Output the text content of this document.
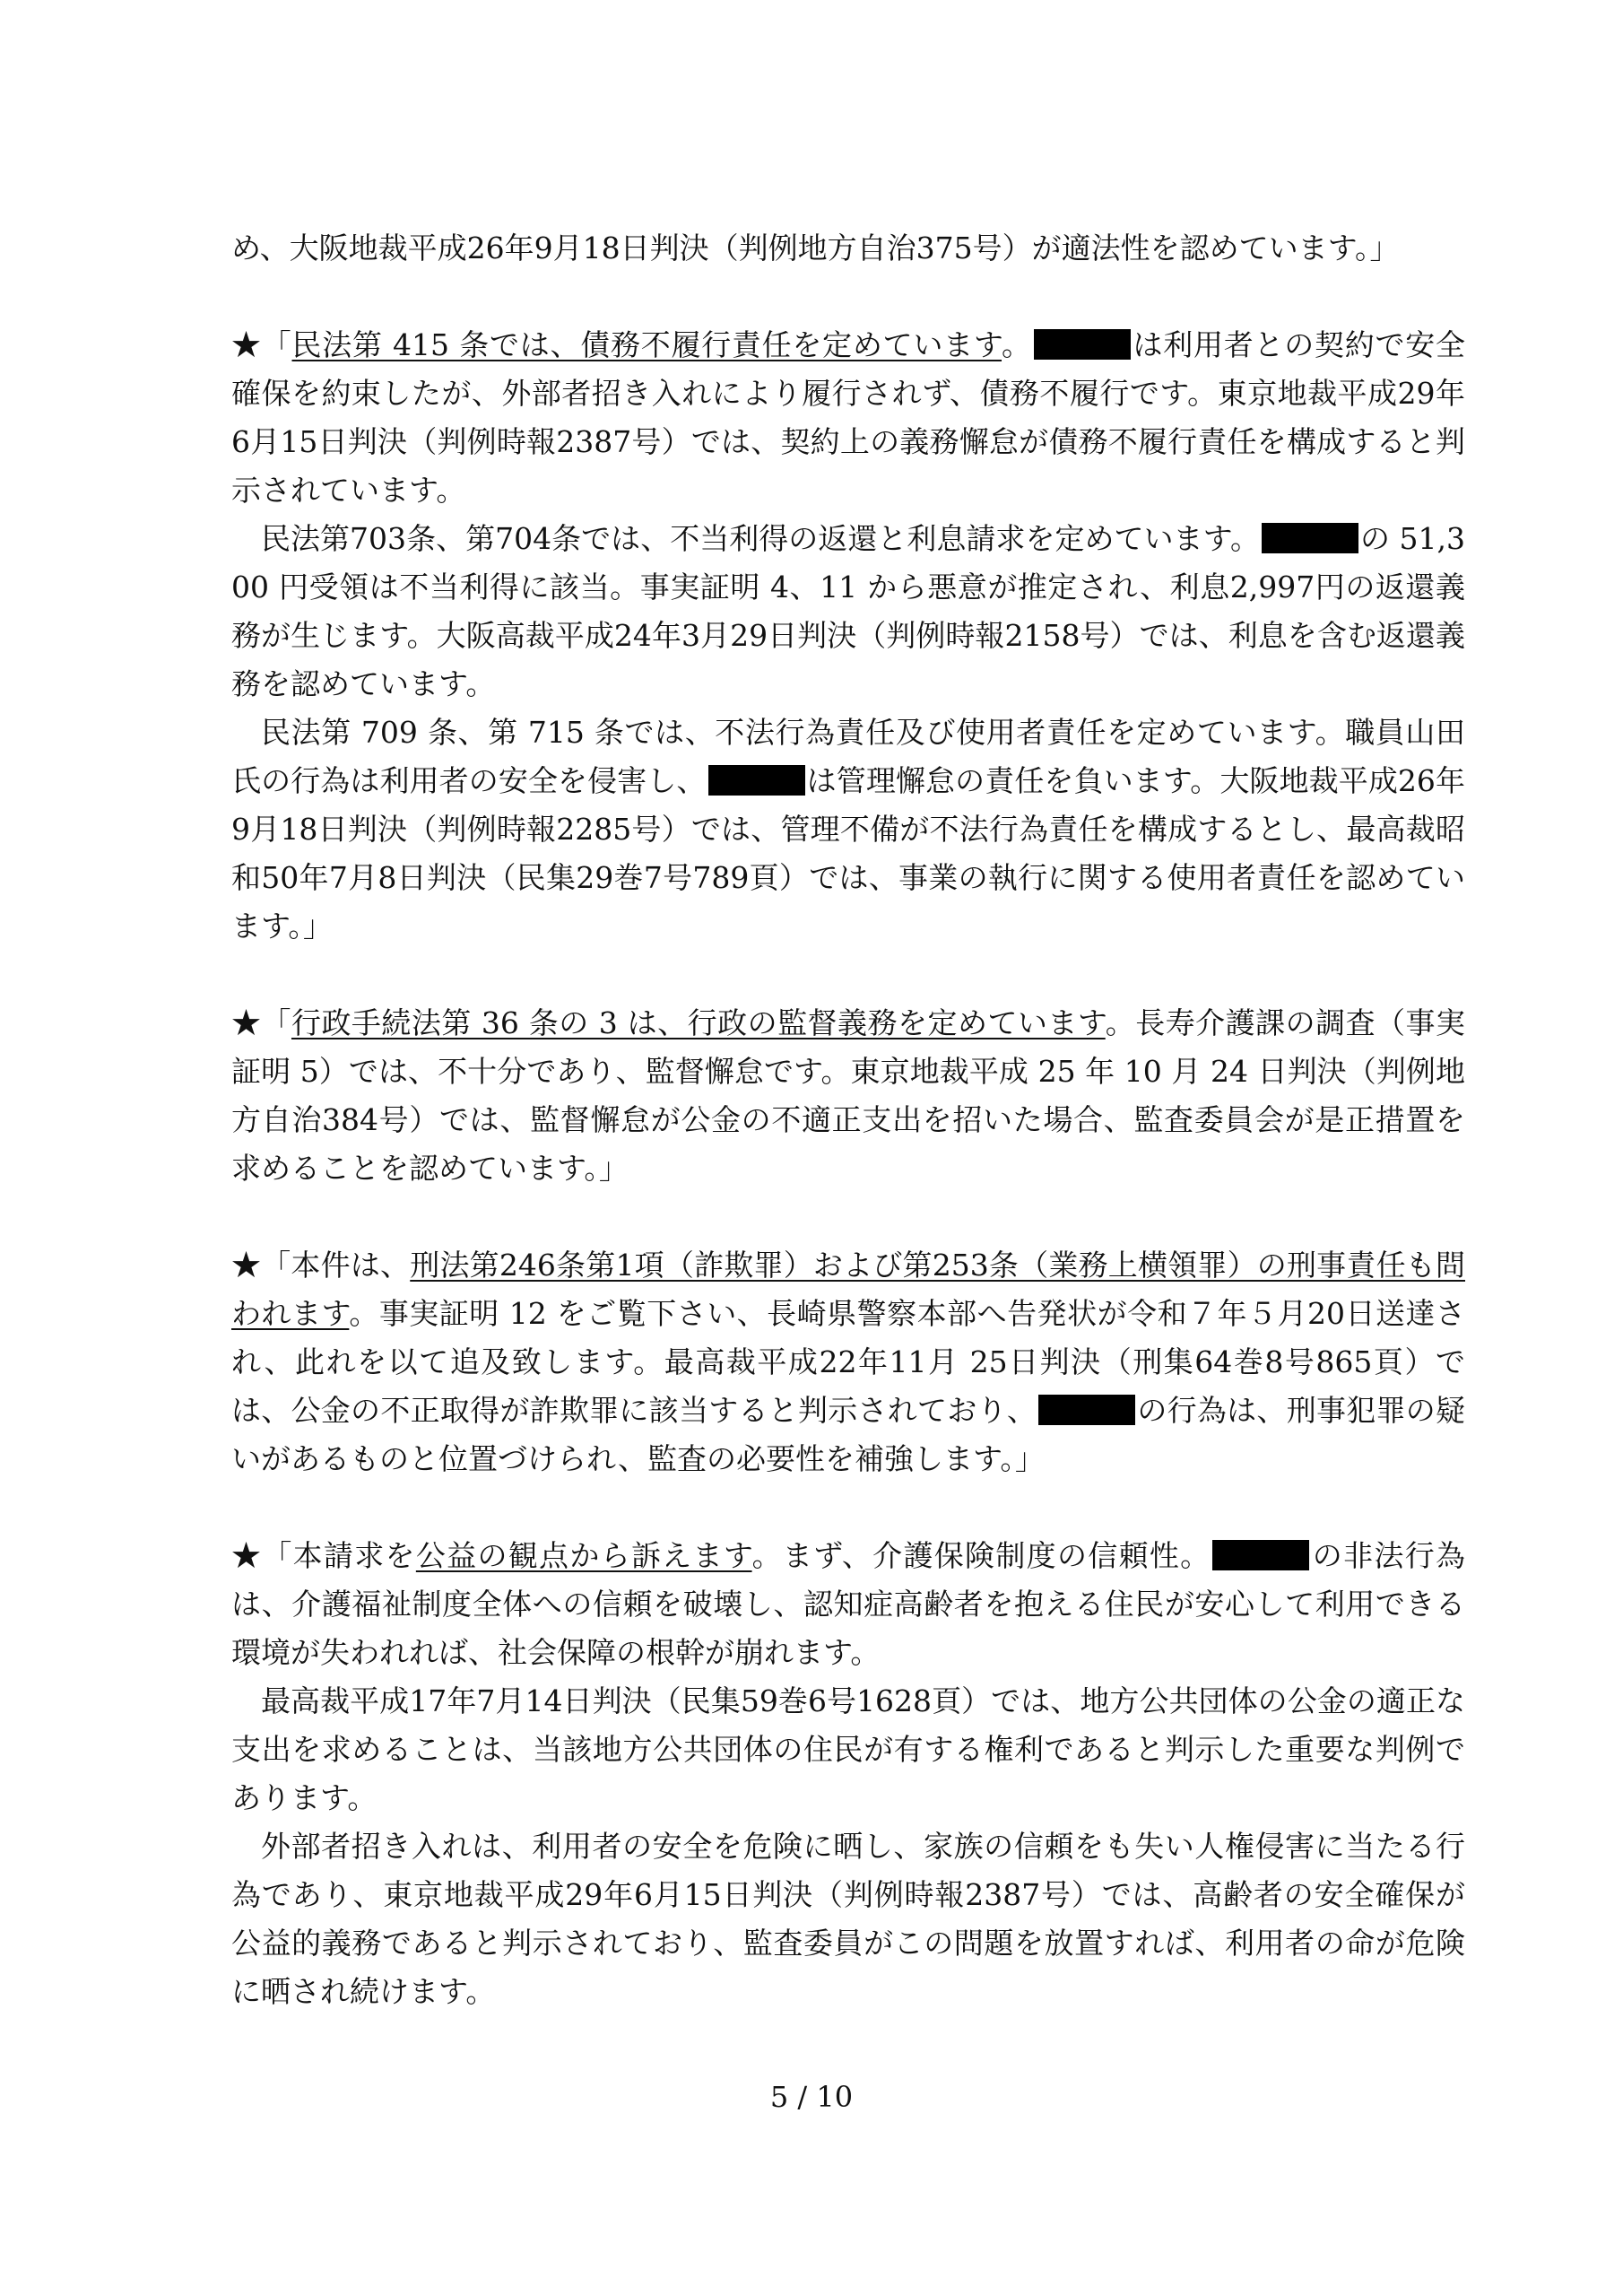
め、大阪地裁平成26年9月18日判決（判例地方自治375号）が適法性を認めています。」

★「民法第 415 条では、債務不履行責任を定めています。	は利用者との契約で安全確保を約束したが、外部者招き入れにより履行されず、債務不履行です。東京地裁平成29年6月15日判決（判例時報2387号）では、契約上の義務懈怠が債務不履行責任を構成すると判示されています。

民法第703条、第704条では、不当利得の返還と利息請求を定めています。	の 51,300 円受領は不当利得に該当。事実証明 4、11 から悪意が推定され、利息2,997円の返還義務が生じます。大阪高裁平成24年3月29日判決（判例時報2158号）では、利息を含む返還義務を認めています。

民法第 709 条、第 715 条では、不法行為責任及び使用者責任を定めています。職員山田氏の行為は利用者の安全を侵害し、	は管理懈怠の責任を負います。大阪地裁平成26年9月18日判決（判例時報2285号）では、管理不備が不法行為責任を構成するとし、最高裁昭和50年7月8日判決（民集29巻7号789頁）では、事業の執行に関する使用者責任を認めています。」

★「行政手続法第 36 条の 3 は、行政の監督義務を定めています。長寿介護課の調査（事実証明 5）では、不十分であり、監督懈怠です。東京地裁平成 25 年 10 月 24 日判決（判例地方自治384号）では、監督懈怠が公金の不適正支出を招いた場合、監査委員会が是正措置を求めることを認めています。」

★「本件は、刑法第246条第1項（詐欺罪）および第253条（業務上横領罪）の刑事責任も問われます。事実証明 12 をご覧下さい、長崎県警察本部へ告発状が令和７年５月20日送達され、此れを以て追及致します。最高裁平成22年11月 25日判決（刑集64巻8号865頁）では、公金の不正取得が詐欺罪に該当すると判示されており、	の行為は、刑事犯罪の疑いがあるものと位置づけられ、監査の必要性を補強します。」

★「本請求を公益の観点から訴えます。まず、介護保険制度の信頼性。	の非法行為は、介護福祉制度全体への信頼を破壊し、認知症高齢者を抱える住民が安心して利用できる環境が失われれば、社会保障の根幹が崩れます。

最高裁平成17年7月14日判決（民集59巻6号1628頁）では、地方公共団体の公金の適正な支出を求めることは、当該地方公共団体の住民が有する権利であると判示した重要な判例であります。

外部者招き入れは、利用者の安全を危険に晒し、家族の信頼をも失い人権侵害に当たる行為であり、東京地裁平成29年6月15日判決（判例時報2387号）では、高齢者の安全確保が公益的義務であると判示されており、監査委員がこの問題を放置すれば、利用者の命が危険に晒され続けます。

5 / 10
